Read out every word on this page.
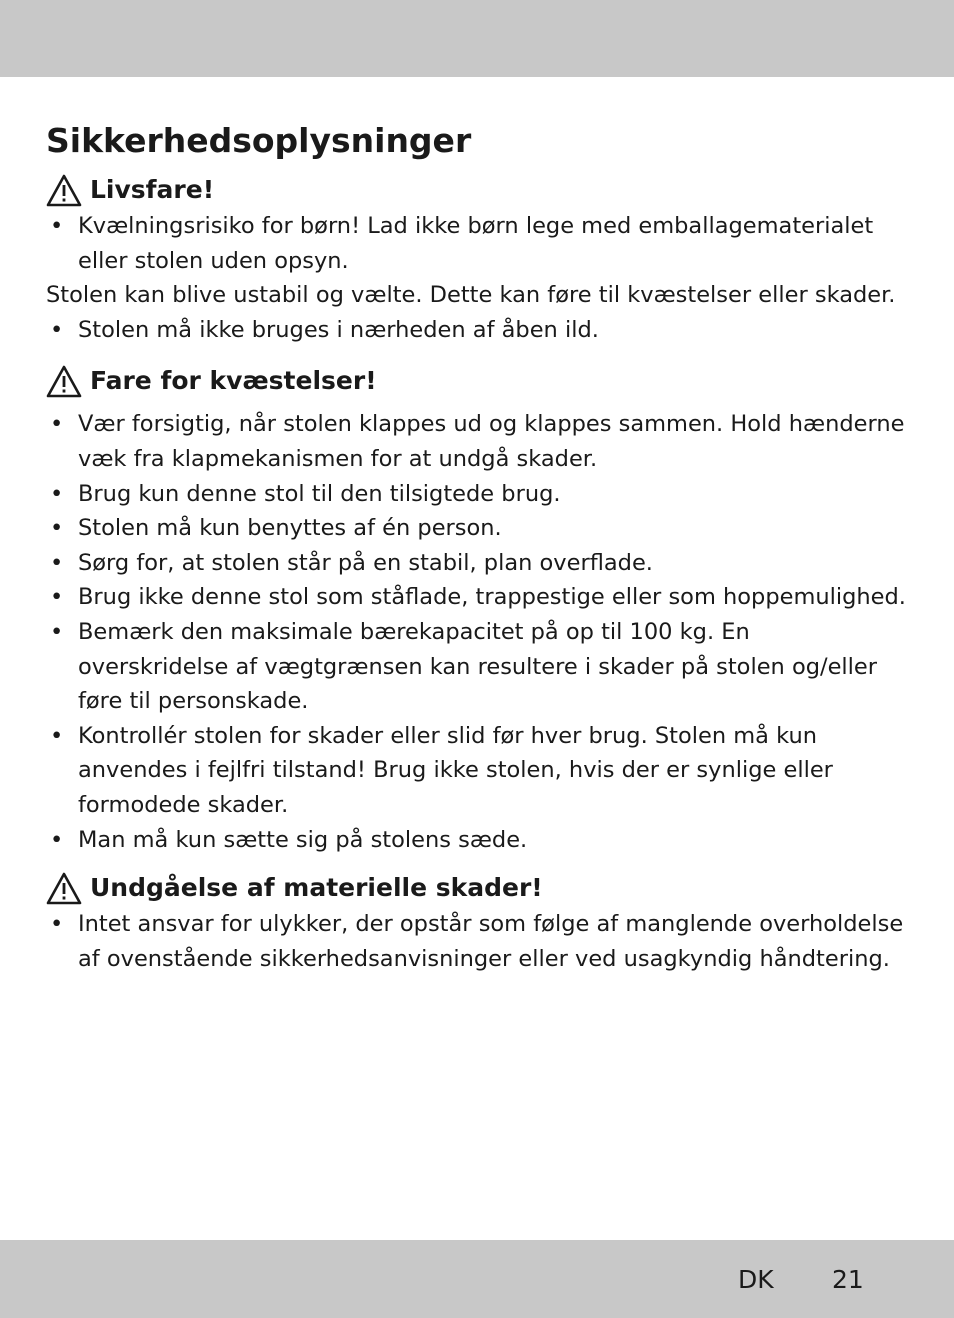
Sikkerhedsoplysninger
Livsfare!
• Kvælningsrisiko for børn! Lad ikke børn lege med emballagematerialet eller stolen uden opsyn.

Stolen kan blive ustabil og vælte. Dette kan føre til kvæstelser eller skader.

• Stolen må ikke bruges i nærheden af åben ild.
Fare for kvæstelser!
• Vær forsigtig, når stolen klappes ud og klappes sammen. Hold hænderne væk fra klapmekanismen for at undgå skader.
• Brug kun denne stol til den tilsigtede brug.
• Stolen må kun benyttes af én person.
• Sørg for, at stolen står på en stabil, plan overflade.
• Brug ikke denne stol som ståflade, trappestige eller som hoppemulighed.
• Bemærk den maksimale bærekapacitet på op til 100 kg. En overskridelse af vægtgrænsen kan resultere i skader på stolen og/eller føre til personskade.
• Kontrollér stolen for skader eller slid før hver brug. Stolen må kun anvendes i fejlfri tilstand! Brug ikke stolen, hvis der er synlige eller formodede skader.
• Man må kun sætte sig på stolens sæde.
Undgåelse af materielle skader!
• Intet ansvar for ulykker, der opstår som følge af manglende overholdelse af ovenstående sikkerhedsanvisninger eller ved usagkyndig håndtering.
DK 21
